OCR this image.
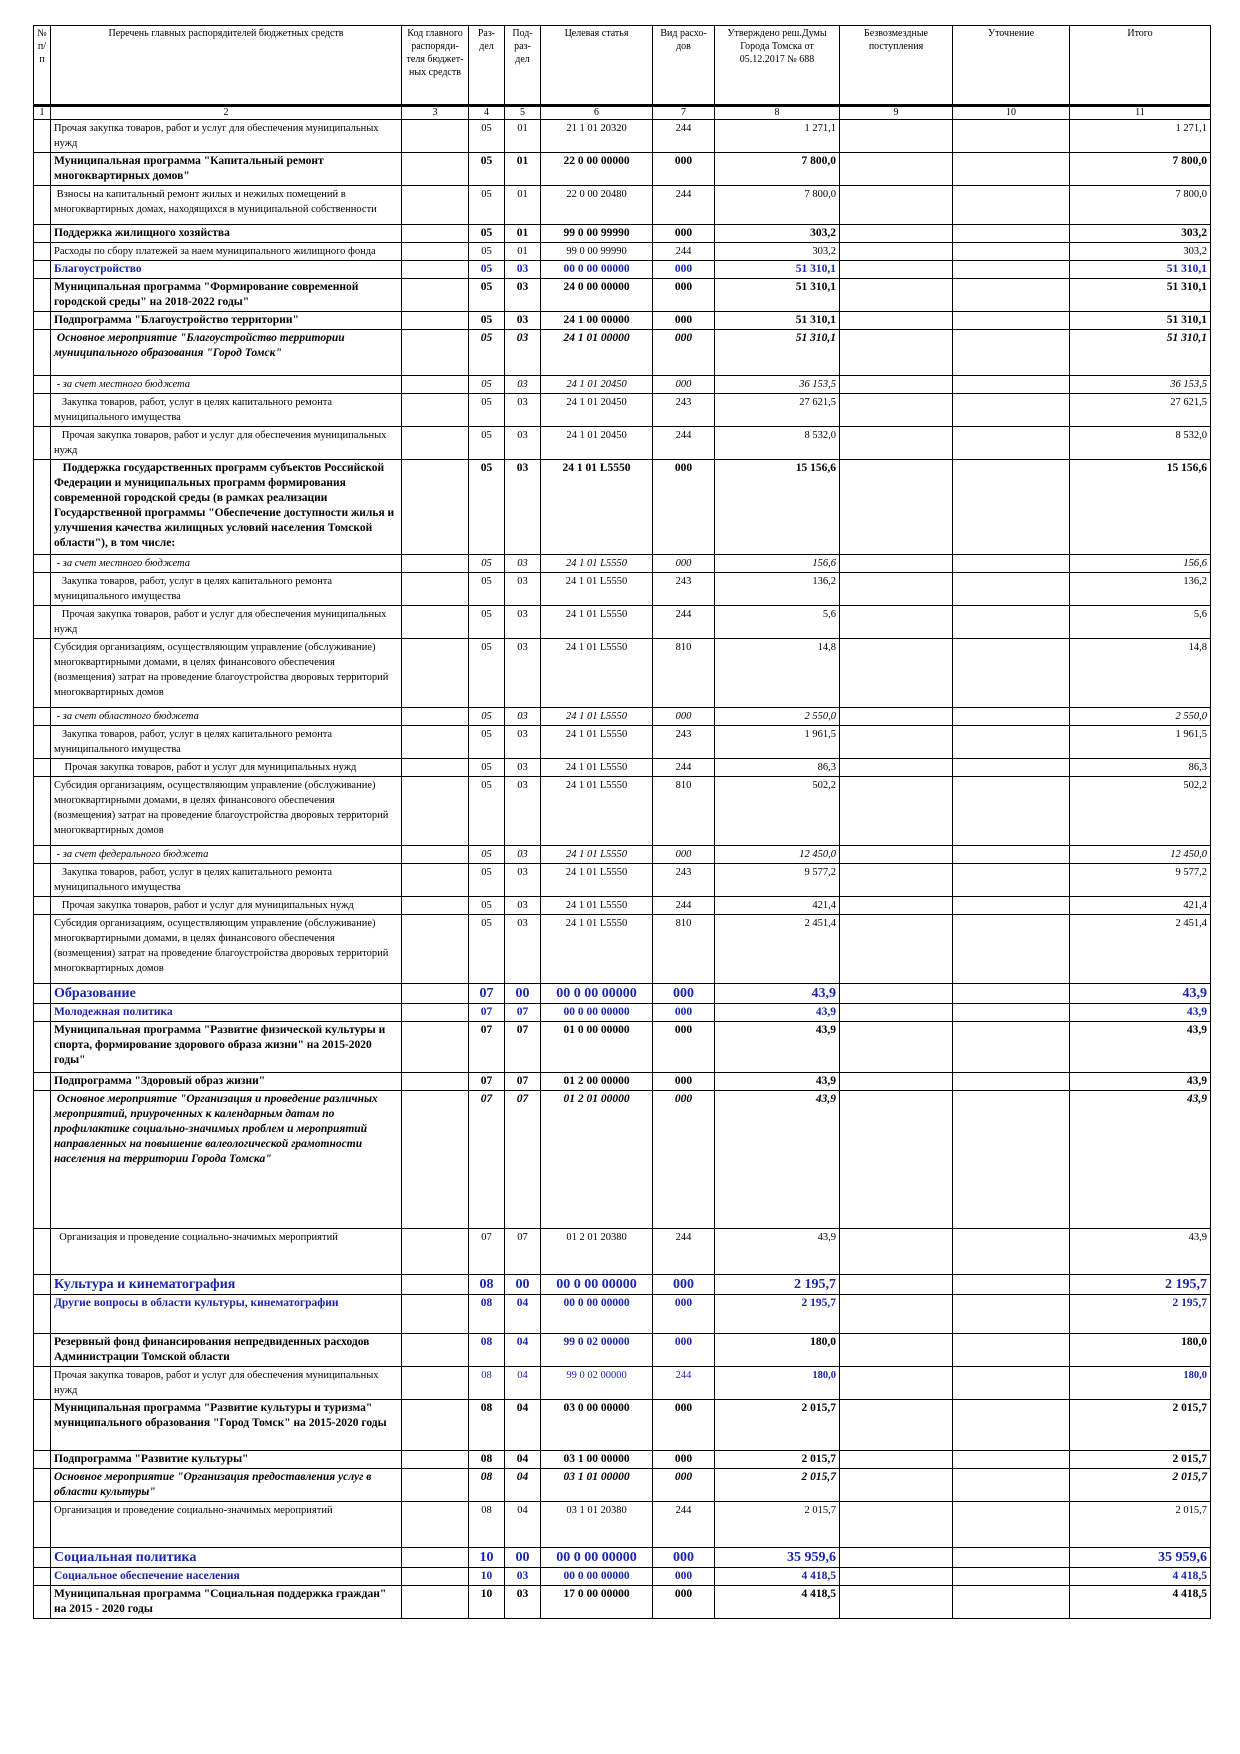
№ п/п	Перечень главных распорядителей бюджетных средств	Код главного распоряди-теля бюджет-ных средств	Раз-дел	Под-раз-дел	Целевая статья	Вид расхо-дов	Утверждено реш.Думы Города Томска от 05.12.2017 № 688	Безвозмездные поступления	Уточнение	Итого
1	2	3	4	5	6	7	8	9	10	11
	Прочая закупка товаров, работ и услуг для обеспечения муниципальных нужд		05	01	21 1 01 20320	244	1 271,1			1 271,1
	Муниципальная программа "Капитальный ремонт многоквартирных домов"		05	01	22 0 00 00000	000	7 800,0			7 800,0
	Взносы на капитальный ремонт жилых и нежилых помещений в многоквартирных домах, находящихся в муниципальной собственности		05	01	22 0 00 20480	244	7 800,0			7 800,0
	Поддержка жилищного хозяйства		05	01	99 0 00 99990	000	303,2			303,2
	Расходы по сбору платежей за наем муниципального жилищного фонда		05	01	99 0 00 99990	244	303,2			303,2
	Благоустройство		05	03	00 0 00 00000	000	51 310,1			51 310,1
	Муниципальная программа "Формирование современной городской среды" на 2018-2022 годы"		05	03	24 0 00 00000	000	51 310,1			51 310,1
	Подпрограмма "Благоустройство территории"		05	03	24 1 00 00000	000	51 310,1			51 310,1
	Основное мероприятие "Благоустройство территории муниципального образования "Город Томск"		05	03	24 1 01 00000	000	51 310,1			51 310,1
	- за счет местного бюджета		05	03	24 1 01 20450	000	36 153,5			36 153,5
	Закупка товаров, работ, услуг в целях капитального ремонта муниципального имущества		05	03	24 1 01 20450	243	27 621,5			27 621,5
	Прочая закупка товаров, работ и услуг для обеспечения муниципальных нужд		05	03	24 1 01 20450	244	8 532,0			8 532,0
	Поддержка государственных программ субъектов Российской Федерации и муниципальных программ формирования современной городской среды (в рамках реализации Государственной программы "Обеспечение доступности жилья и улучшения качества жилищных условий населения Томской области"), в том числе:		05	03	24 1 01 L5550	000	15 156,6			15 156,6
	- за счет местного бюджета		05	03	24 1 01 L5550	000	156,6			156,6
	Закупка товаров, работ, услуг в целях капитального ремонта муниципального имущества		05	03	24 1 01 L5550	243	136,2			136,2
	Прочая закупка товаров, работ и услуг для обеспечения муниципальных нужд		05	03	24 1 01 L5550	244	5,6			5,6
	Субсидия организациям, осуществляющим управление (обслуживание) многоквартирными домами, в целях финансового обеспечения (возмещения) затрат на проведение благоустройства дворовых территорий многоквартирных домов		05	03	24 1 01 L5550	810	14,8			14,8
	- за счет областного бюджета		05	03	24 1 01 L5550	000	2 550,0			2 550,0
	Закупка товаров, работ, услуг в целях капитального ремонта муниципального имущества		05	03	24 1 01 L5550	243	1 961,5			1 961,5
	Прочая закупка товаров, работ и услуг для муниципальных нужд		05	03	24 1 01 L5550	244	86,3			86,3
	Субсидия организациям, осуществляющим управление (обслуживание) многоквартирными домами, в целях финансового обеспечения (возмещения) затрат на проведение благоустройства дворовых территорий многоквартирных домов		05	03	24 1 01 L5550	810	502,2			502,2
	- за счет федерального бюджета		05	03	24 1 01 L5550	000	12 450,0			12 450,0
	Закупка товаров, работ, услуг в целях капитального ремонта муниципального имущества		05	03	24 1 01 L5550	243	9 577,2			9 577,2
	Прочая закупка товаров, работ и услуг для муниципальных нужд		05	03	24 1 01 L5550	244	421,4			421,4
	Субсидия организациям, осуществляющим управление (обслуживание) многоквартирными домами, в целях финансового обеспечения (возмещения) затрат на проведение благоустройства дворовых территорий многоквартирных домов		05	03	24 1 01 L5550	810	2 451,4			2 451,4
	Образование		07	00	00 0 00 00000	000	43,9			43,9
	Молодежная политика		07	07	00 0 00 00000	000	43,9			43,9
	Муниципальная программа "Развитие физической культуры и спорта, формирование здорового образа жизни" на 2015-2020 годы"		07	07	01 0 00 00000	000	43,9			43,9
	Подпрограмма "Здоровый образ жизни"		07	07	01 2 00 00000	000	43,9			43,9
	Основное мероприятие "Организация и проведение различных мероприятий, приуроченных к календарным датам по профилактике социально-значимых проблем и мероприятий направленных на повышение валеологической грамотности населения на территории Города Томска"		07	07	01 2 01 00000	000	43,9			43,9
	Организация и проведение социально-значимых мероприятий		07	07	01 2 01 20380	244	43,9			43,9
	Культура и кинематография		08	00	00 0 00 00000	000	2 195,7			2 195,7
	Другие вопросы в области культуры, кинематографии		08	04	00 0 00 00000	000	2 195,7			2 195,7
	Резервный фонд финансирования непредвиденных расходов Администрации Томской области		08	04	99 0 02 00000	000	180,0			180,0
	Прочая закупка товаров, работ и услуг для обеспечения муниципальных нужд		08	04	99 0 02 00000	244	180,0			180,0
	Муниципальная программа "Развитие культуры и туризма" муниципального образования "Город Томск" на 2015-2020 годы		08	04	03 0 00 00000	000	2 015,7			2 015,7
	Подпрограмма "Развитие культуры"		08	04	03 1 00 00000	000	2 015,7			2 015,7
	Основное мероприятие "Организация предоставления услуг в области культуры"		08	04	03 1 01 00000	000	2 015,7			2 015,7
	Организация и проведение социально-значимых мероприятий		08	04	03 1 01 20380	244	2 015,7			2 015,7
	Социальная политика		10	00	00 0 00 00000	000	35 959,6			35 959,6
	Социальное обеспечение населения		10	03	00 0 00 00000	000	4 418,5			4 418,5
	Муниципальная программа "Социальная поддержка граждан" на 2015 - 2020 годы		10	03	17 0 00 00000	000	4 418,5			4 418,5
